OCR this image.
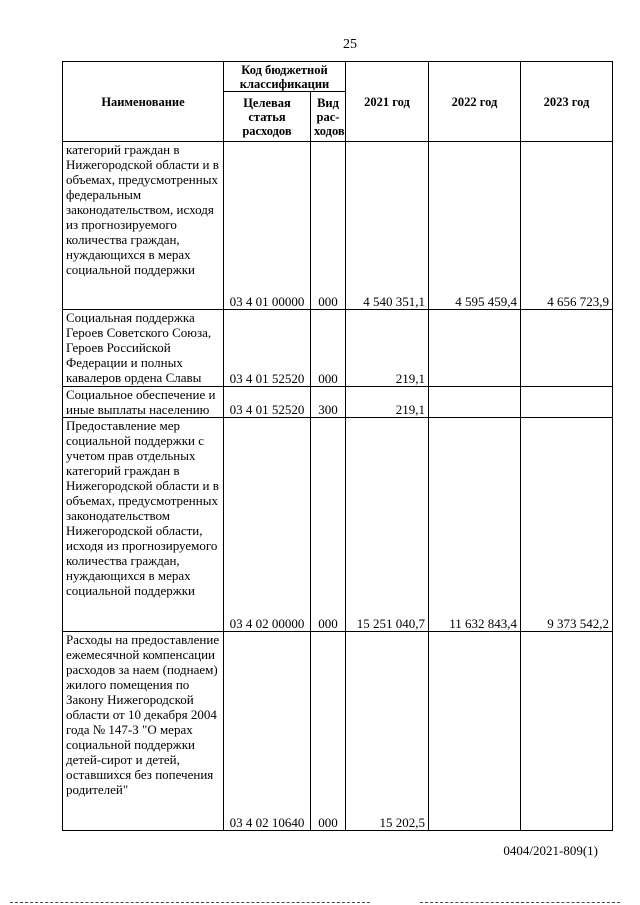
25
Наименование	Код бюджетной классификации		2021 год	2022 год	2023 год
	Целевая статья расходов	Вид рас-ходов			
категорий граждан в Нижегородской области и в объемах, предусмотренных федеральным законодательством, исходя из прогнозируемого количества граждан, нуждающихся в мерах социальной поддержки	03 4 01 00000	000	4 540 351,1	4 595 459,4	4 656 723,9
Социальная поддержка Героев Советского Союза, Героев Российской Федерации и полных кавалеров ордена Славы	03 4 01 52520	000	219,1		
Социальное обеспечение и иные выплаты населению	03 4 01 52520	300	219,1		
Предоставление мер социальной поддержки с учетом прав отдельных категорий граждан в Нижегородской области и в объемах, предусмотренных законодательством Нижегородской области, исходя из прогнозируемого количества граждан, нуждающихся в мерах социальной поддержки	03 4 02 00000	000	15 251 040,7	11 632 843,4	9 373 542,2
Расходы на предоставление ежемесячной компенсации расходов за наем (поднаем) жилого помещения по Закону Нижегородской области от 10 декабря 2004 года № 147-З "О мерах социальной поддержки детей-сирот и детей, оставшихся без попечения родителей"	03 4 02 10640	000	15 202,5		
0404/2021-809(1)
